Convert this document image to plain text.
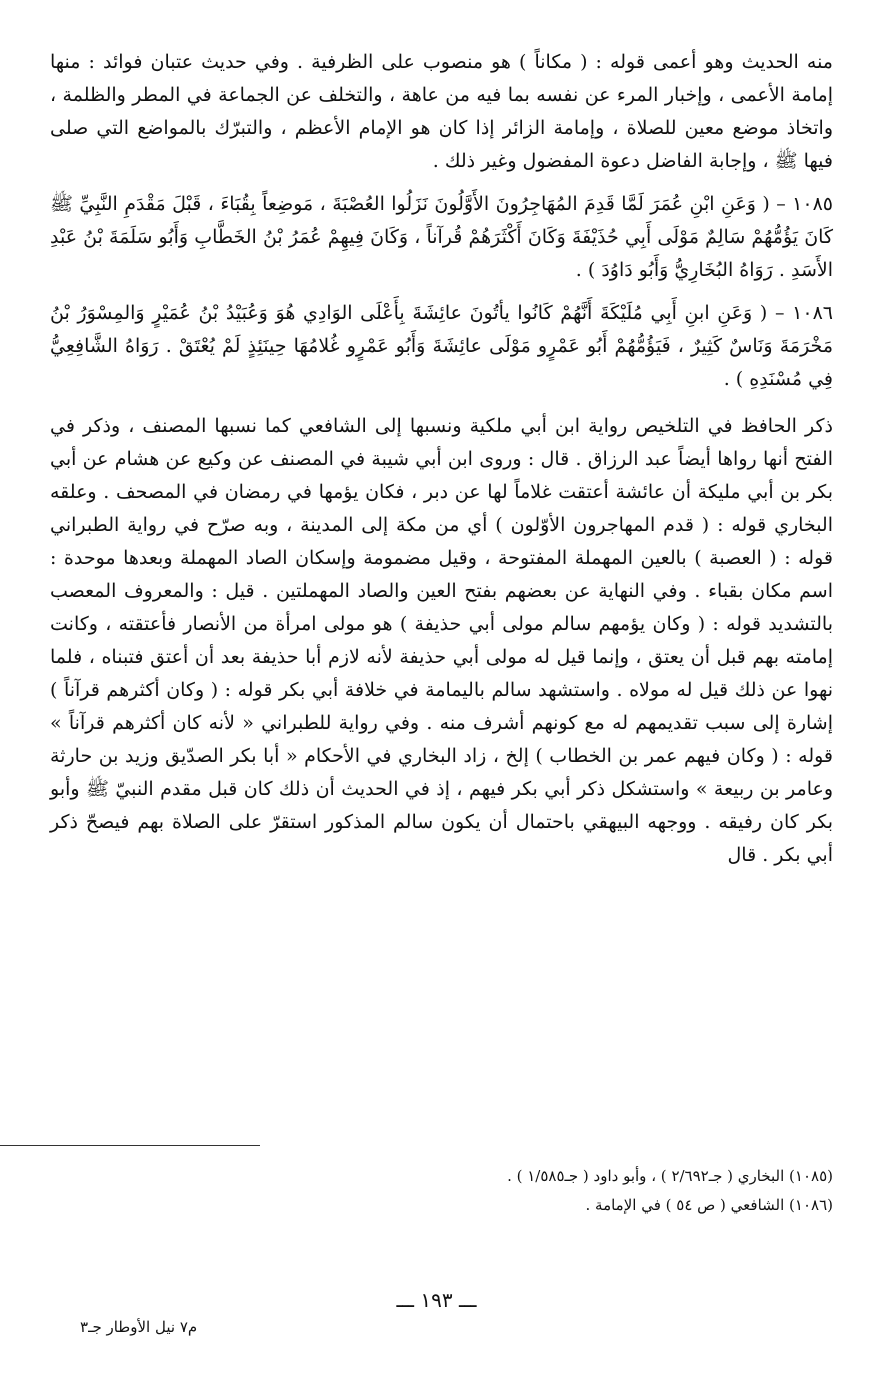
منه الحديث وهو أعمى قوله : ( مكاناً ) هو منصوب على الظرفية . وفي حديث عتبان فوائد : منها إمامة الأعمى ، وإخبار المرء عن نفسه بما فيه من عاهة ، والتخلف عن الجماعة في المطر والظلمة ، واتخاذ موضع معين للصلاة ، وإمامة الزائر إذا كان هو الإمام الأعظم ، والتبرّك بالمواضع التي صلى فيها ﷺ ، وإجابة الفاضل دعوة المفضول وغير ذلك .
١٠٨٥ – ( وَعَنِ ابْنِ عُمَرَ لَمَّا قَدِمَ المُهَاجِرُونَ الأَوَّلُونَ نَزَلُوا العُصْبَةَ ، مَوضِعاً بِقُبَاءَ ، قَبْلَ مَقْدَمِ النَّبِيِّ ﷺ كَانَ يَؤُمُّهُمْ سَالِمٌ مَوْلَى أَبِي حُذَيْفَةَ وَكَانَ أَكْثَرَهُمْ قُرآناً ، وَكَانَ فِيهِمْ عُمَرُ بْنُ الخَطَّابِ وَأَبُو سَلَمَةَ بْنُ عَبْدِ الأَسَدِ . رَوَاهُ البُخَارِيُّ وَأَبُو دَاوُدَ ) .
١٠٨٦ – ( وَعَنِ ابنِ أَبِي مُلَيْكَةَ أَنَّهُمْ كَانُوا يأتُونَ عائِشَةَ بِأَعْلَى الوَادِي هُوَ وَعُبَيْدُ بْنُ عُمَيْرٍ وَالمِسْوَرُ بْنُ مَخْرَمَةَ وَنَاسٌ كَثِيرٌ ، فَيَؤُمُّهُمْ أَبُو عَمْرٍو مَوْلَى عائِشَةَ وَأَبُو عَمْرٍو غُلامُهَا حِينَئِذٍ لَمْ يُعْتَقْ . رَوَاهُ الشَّافِعِيُّ فِي مُسْنَدِهِ ) .
ذكر الحافظ في التلخيص رواية ابن أبي ملكية ونسبها إلى الشافعي كما نسبها المصنف ، وذكر في الفتح أنها رواها أيضاً عبد الرزاق . قال : وروى ابن أبي شيبة في المصنف عن وكيع عن هشام عن أبي بكر بن أبي مليكة أن عائشة أعتقت غلاماً لها عن دبر ، فكان يؤمها في رمضان في المصحف . وعلقه البخاري قوله : ( قدم المهاجرون الأوّلون ) أي من مكة إلى المدينة ، وبه صرّح في رواية الطبراني قوله : ( العصبة ) بالعين المهملة المفتوحة ، وقيل مضمومة وإسكان الصاد المهملة وبعدها موحدة : اسم مكان بقباء . وفي النهاية عن بعضهم بفتح العين والصاد المهملتين . قيل : والمعروف المعصب بالتشديد قوله : ( وكان يؤمهم سالم مولى أبي حذيفة ) هو مولى امرأة من الأنصار فأعتقته ، وكانت إمامته بهم قبل أن يعتق ، وإنما قيل له مولى أبي حذيفة لأنه لازم أبا حذيفة بعد أن أعتق فتبناه ، فلما نهوا عن ذلك قيل له مولاه . واستشهد سالم باليمامة في خلافة أبي بكر قوله : ( وكان أكثرهم قرآناً ) إشارة إلى سبب تقديمهم له مع كونهم أشرف منه . وفي رواية للطبراني « لأنه كان أكثرهم قرآناً » قوله : ( وكان فيهم عمر بن الخطاب ) إلخ ، زاد البخاري في الأحكام « أبا بكر الصدّيق وزيد بن حارثة وعامر بن ربيعة » واستشكل ذكر أبي بكر فيهم ، إذ في الحديث أن ذلك كان قبل مقدم النبيّ ﷺ وأبو بكر كان رفيقه . ووجهه البيهقي باحتمال أن يكون سالم المذكور استقرّ على الصلاة بهم فيصحّ ذكر أبي بكر . قال
(١٠٨٥) البخاري ( جـ٢/٦٩٢ ) ، وأبو داود ( جـ١/٥٨٥ ) .
(١٠٨٦) الشافعي ( ص ٥٤ ) في الإمامة .
ـــ ١٩٣ ـــ
م٧ نيل الأوطار جـ٣
